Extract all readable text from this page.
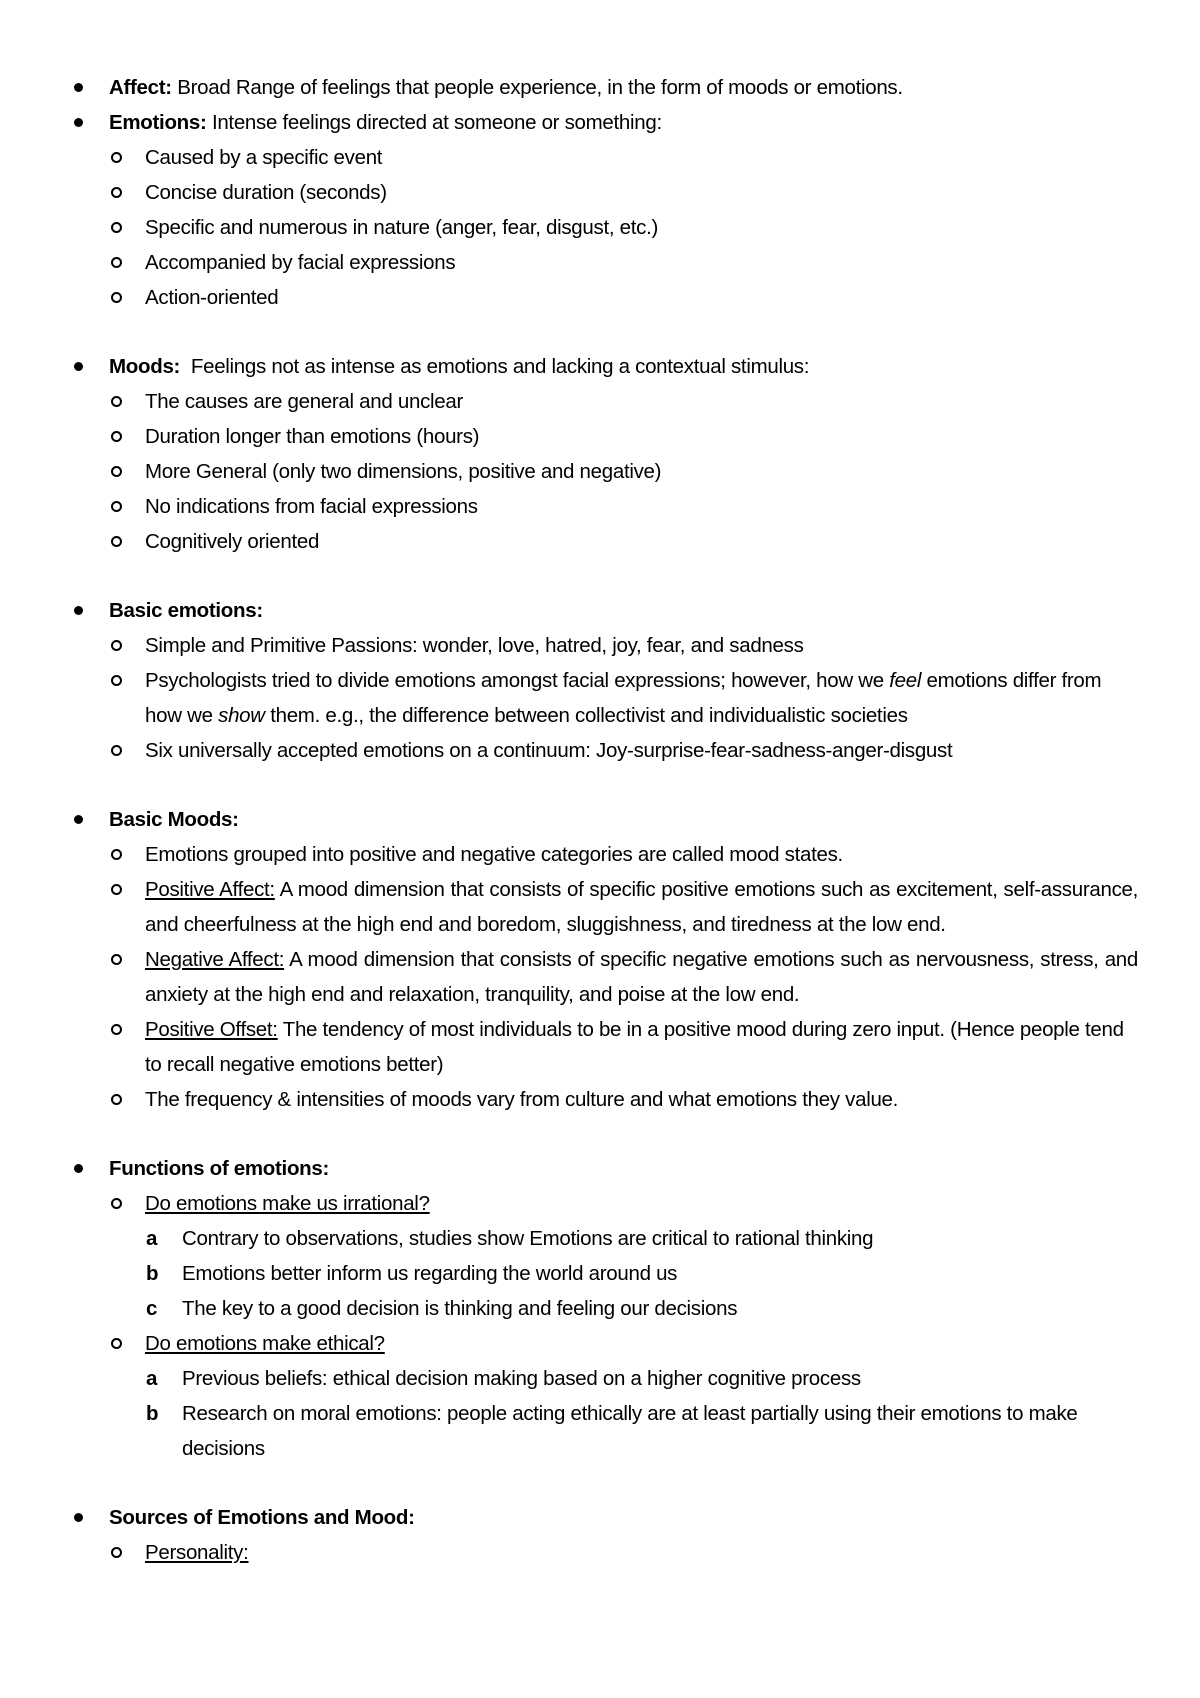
Affect: Broad Range of feelings that people experience, in the form of moods or emotions.
Emotions: Intense feelings directed at someone or something:
Caused by a specific event
Concise duration (seconds)
Specific and numerous in nature (anger, fear, disgust, etc.)
Accompanied by facial expressions
Action-oriented
Moods: Feelings not as intense as emotions and lacking a contextual stimulus:
The causes are general and unclear
Duration longer than emotions (hours)
More General (only two dimensions, positive and negative)
No indications from facial expressions
Cognitively oriented
Basic emotions:
Simple and Primitive Passions: wonder, love, hatred, joy, fear, and sadness
Psychologists tried to divide emotions amongst facial expressions; however, how we feel emotions differ from how we show them. e.g., the difference between collectivist and individualistic societies
Six universally accepted emotions on a continuum: Joy-surprise-fear-sadness-anger-disgust
Basic Moods:
Emotions grouped into positive and negative categories are called mood states.
Positive Affect: A mood dimension that consists of specific positive emotions such as excitement, self-assurance, and cheerfulness at the high end and boredom, sluggishness, and tiredness at the low end.
Negative Affect: A mood dimension that consists of specific negative emotions such as nervousness, stress, and anxiety at the high end and relaxation, tranquility, and poise at the low end.
Positive Offset: The tendency of most individuals to be in a positive mood during zero input. (Hence people tend to recall negative emotions better)
The frequency & intensities of moods vary from culture and what emotions they value.
Functions of emotions:
Do emotions make us irrational?
a Contrary to observations, studies show Emotions are critical to rational thinking
b Emotions better inform us regarding the world around us
c The key to a good decision is thinking and feeling our decisions
Do emotions make ethical?
a Previous beliefs: ethical decision making based on a higher cognitive process
b Research on moral emotions: people acting ethically are at least partially using their emotions to make decisions
Sources of Emotions and Mood:
Personality:
